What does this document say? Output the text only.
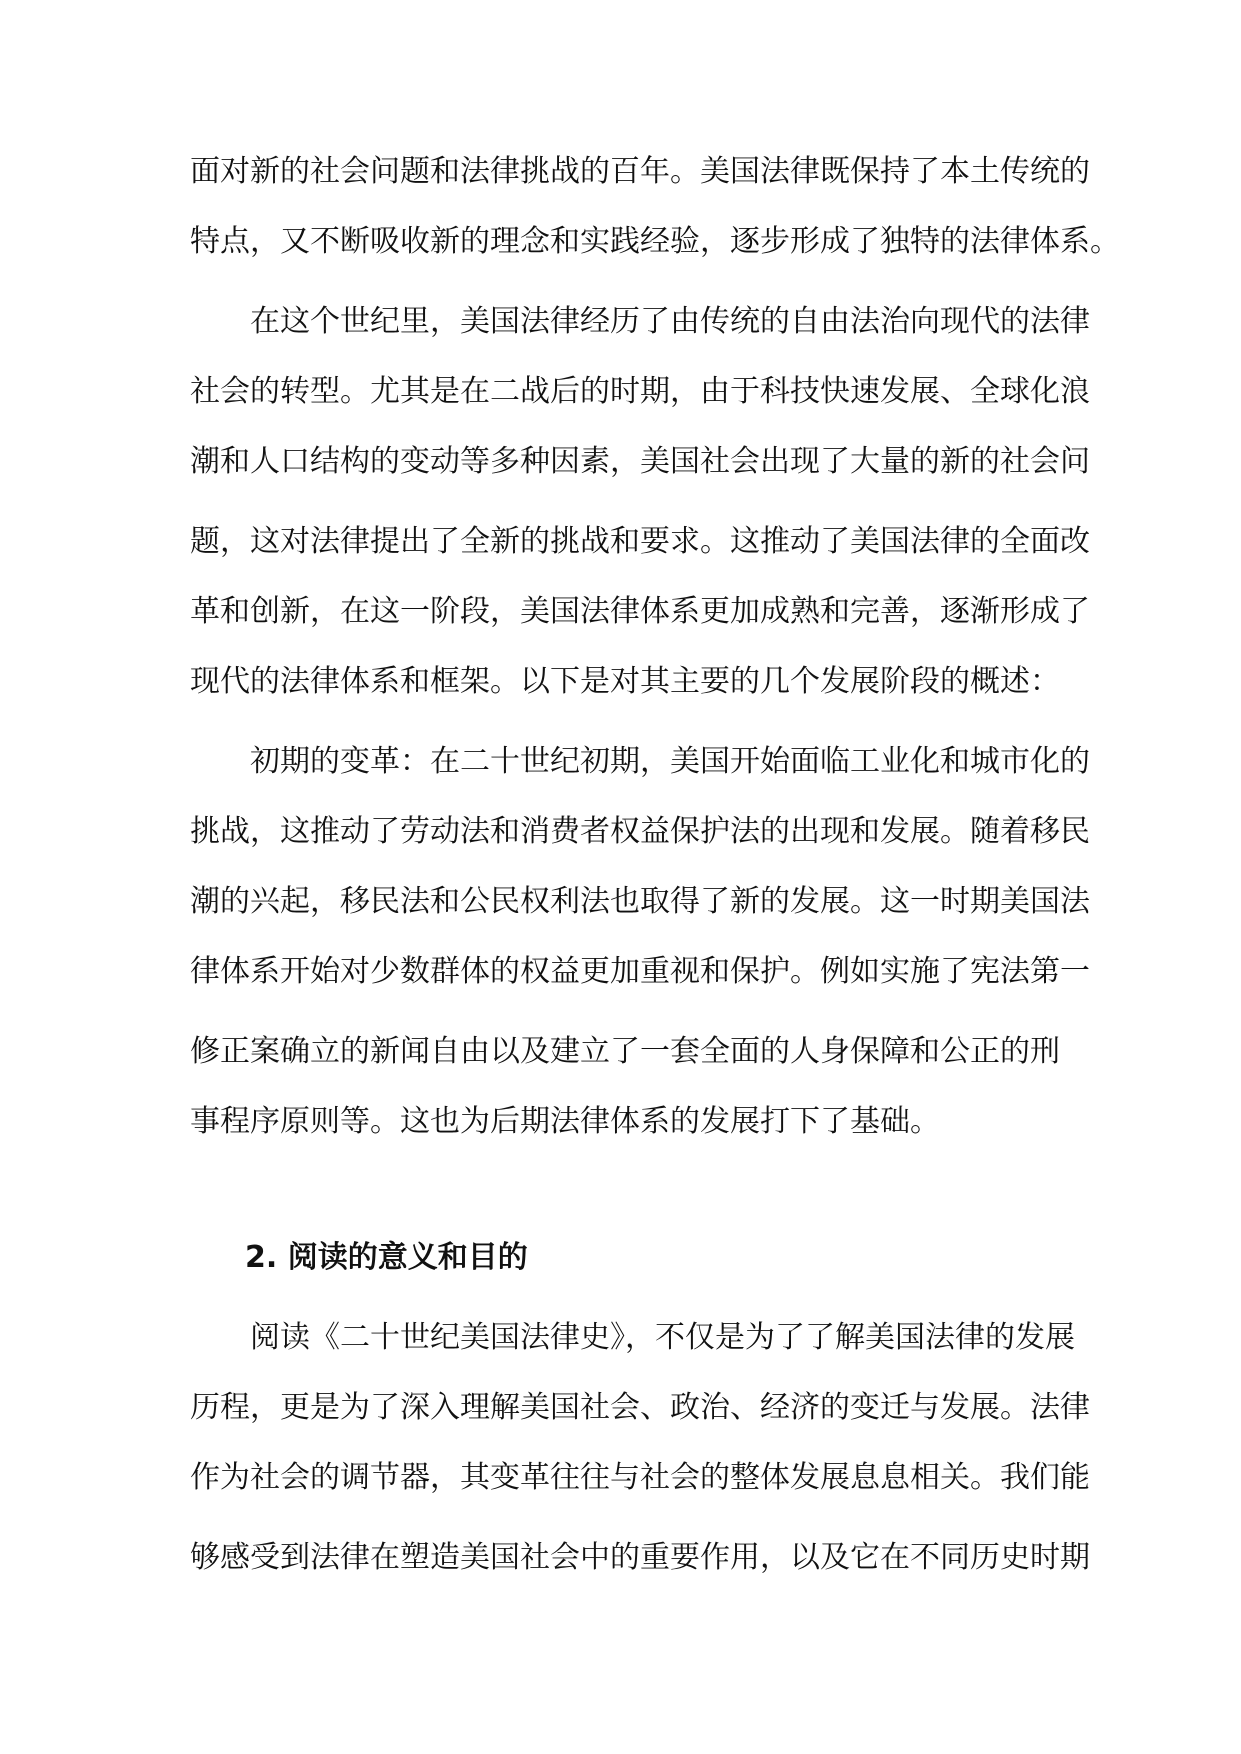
面对新的社会问题和法律挑战的百年。美国法律既保持了本土传统的
特点，又不断吸收新的理念和实践经验，逐步形成了独特的法律体系。
在这个世纪里，美国法律经历了由传统的自由法治向现代的法律
社会的转型。尤其是在二战后的时期，由于科技快速发展、全球化浪
潮和人口结构的变动等多种因素，美国社会出现了大量的新的社会问
题，这对法律提出了全新的挑战和要求。这推动了美国法律的全面改
革和创新，在这一阶段，美国法律体系更加成熟和完善，逐渐形成了
现代的法律体系和框架。以下是对其主要的几个发展阶段的概述：
初期的变革：在二十世纪初期，美国开始面临工业化和城市化的
挑战，这推动了劳动法和消费者权益保护法的出现和发展。随着移民
潮的兴起，移民法和公民权利法也取得了新的发展。这一时期美国法
律体系开始对少数群体的权益更加重视和保护。例如实施了宪法第一
修正案确立的新闻自由以及建立了一套全面的人身保障和公正的刑
事程序原则等。这也为后期法律体系的发展打下了基础。
2. 阅读的意义和目的
阅读《二十世纪美国法律史》，不仅是为了了解美国法律的发展
历程，更是为了深入理解美国社会、政治、经济的变迁与发展。法律
作为社会的调节器，其变革往往与社会的整体发展息息相关。我们能
够感受到法律在塑造美国社会中的重要作用，以及它在不同历史时期
